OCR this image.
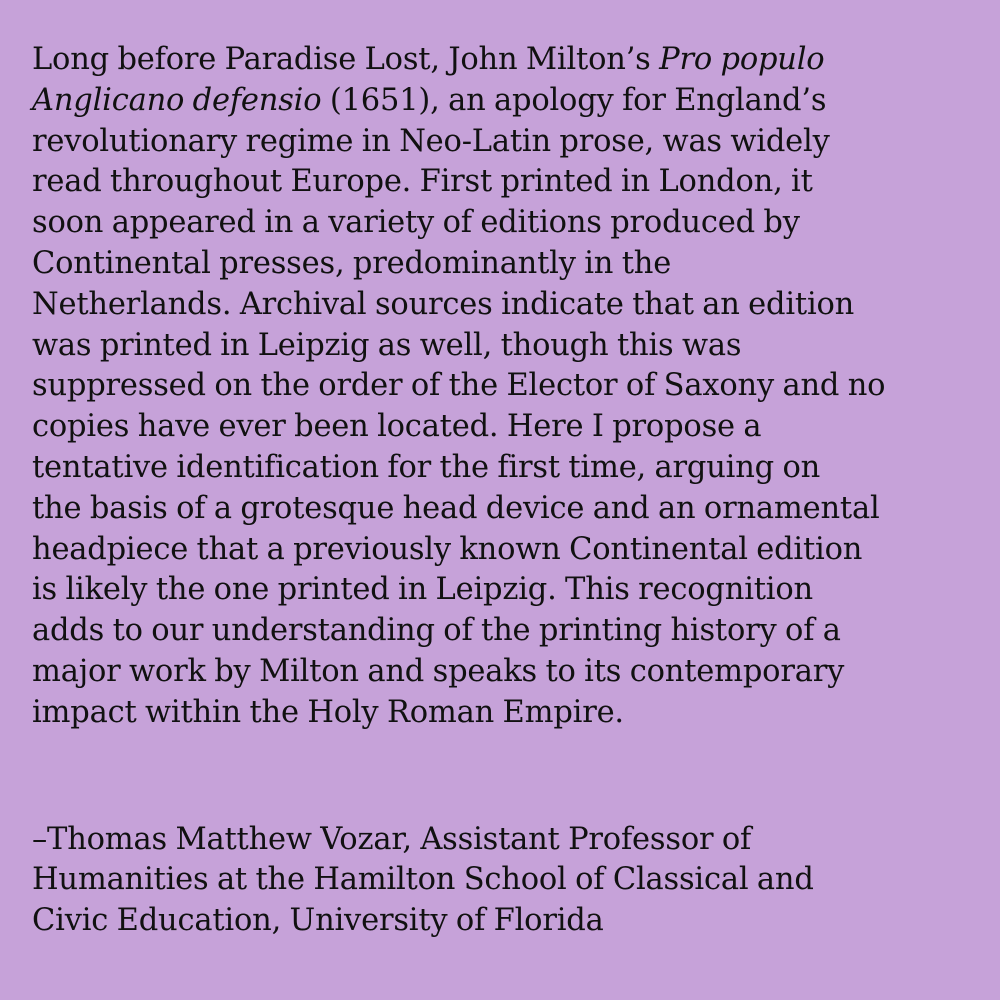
Long before Paradise Lost, John Milton’s Pro populo
Anglicano defensio (1651), an apology for England’s
revolutionary regime in Neo-Latin prose, was widely
read throughout Europe. First printed in London, it
soon appeared in a variety of editions produced by
Continental presses, predominantly in the
Netherlands. Archival sources indicate that an edition
was printed in Leipzig as well, though this was
suppressed on the order of the Elector of Saxony and no
copies have ever been located. Here I propose a
tentative identification for the first time, arguing on
the basis of a grotesque head device and an ornamental
headpiece that a previously known Continental edition
is likely the one printed in Leipzig. This recognition
adds to our understanding of the printing history of a
major work by Milton and speaks to its contemporary
impact within the Holy Roman Empire.

–Thomas Matthew Vozar, Assistant Professor of
Humanities at the Hamilton School of Classical and
Civic Education, University of Florida
